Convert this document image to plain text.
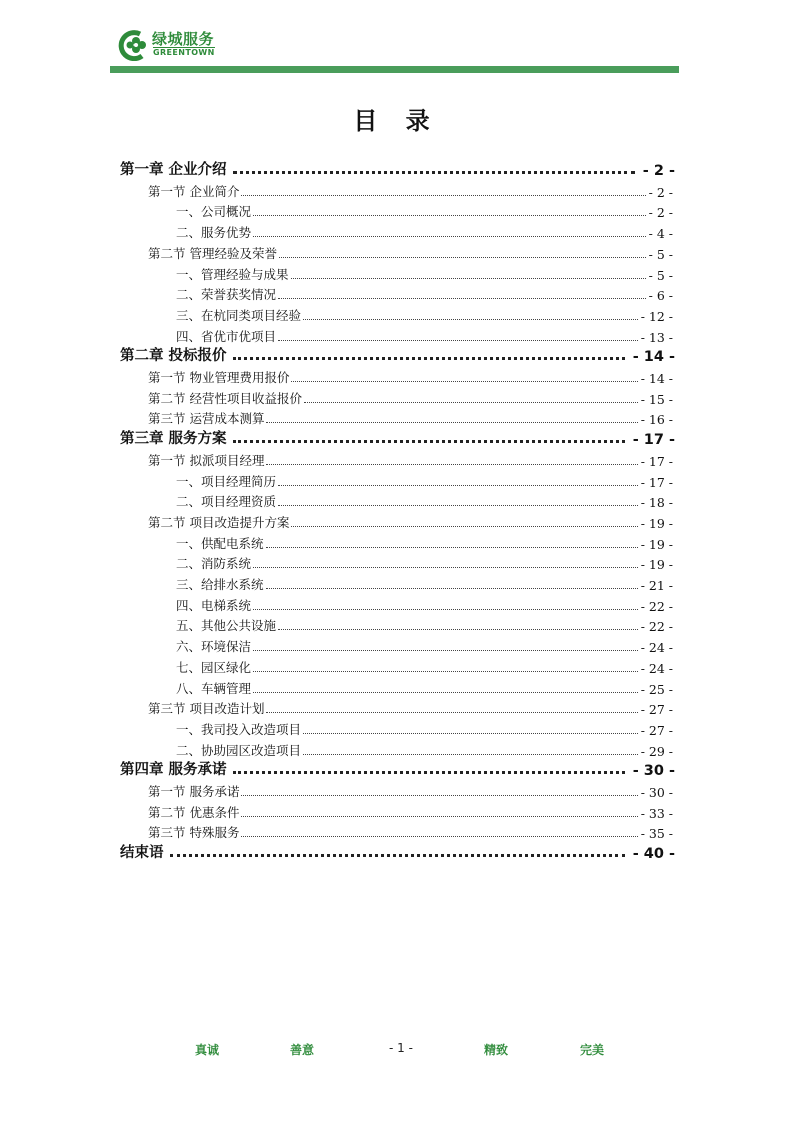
绿城服务
GREENTOWN
目 录
第一章 企业介绍	- 2 -
第一节 企业简介	- 2 -
一、公司概况	- 2 -
二、服务优势	- 4 -
第二节 管理经验及荣誉	- 5 -
一、管理经验与成果	- 5 -
二、荣誉获奖情况	- 6 -
三、在杭同类项目经验	- 12 -
四、省优市优项目	- 13 -
第二章 投标报价	- 14 -
第一节 物业管理费用报价	- 14 -
第二节 经营性项目收益报价	- 15 -
第三节 运营成本测算	- 16 -
第三章 服务方案	- 17 -
第一节 拟派项目经理	- 17 -
一、项目经理简历	- 17 -
二、项目经理资质	- 18 -
第二节 项目改造提升方案	- 19 -
一、供配电系统	- 19 -
二、消防系统	- 19 -
三、给排水系统	- 21 -
四、电梯系统	- 22 -
五、其他公共设施	- 22 -
六、环境保洁	- 24 -
七、园区绿化	- 24 -
八、车辆管理	- 25 -
第三节 项目改造计划	- 27 -
一、我司投入改造项目	- 27 -
二、协助园区改造项目	- 29 -
第四章 服务承诺	- 30 -
第一节 服务承诺	- 30 -
第二节 优惠条件	- 33 -
第三节 特殊服务	- 35 -
结束语	- 40 -
真诚	善意	- 1 -	精致	完美
